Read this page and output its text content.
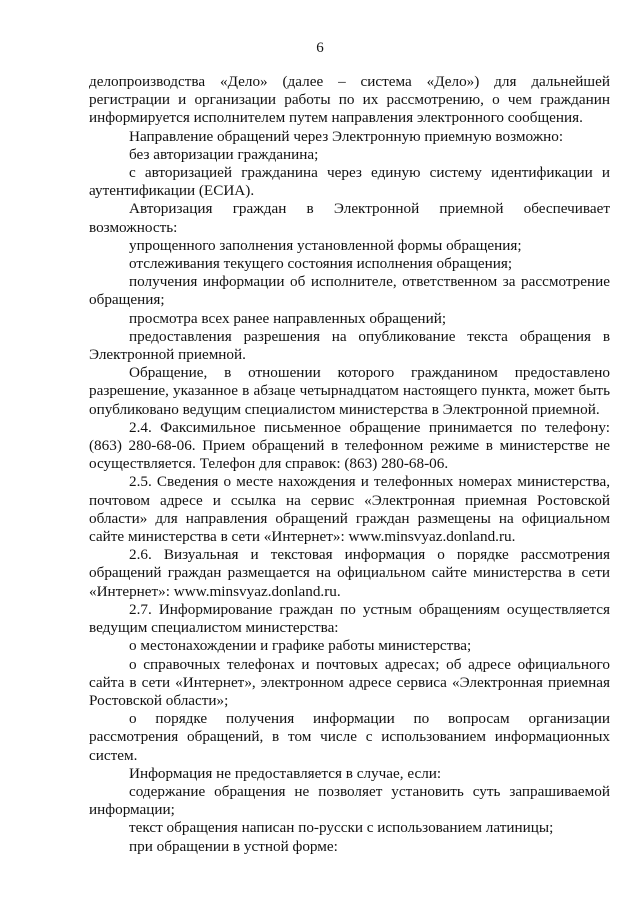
6

делопроизводства «Дело» (далее – система «Дело») для дальнейшей регистрации и организации работы по их рассмотрению, о чем гражданин информируется исполнителем путем направления электронного сообщения.

Направление обращений через Электронную приемную возможно:

без авторизации гражданина;

с авторизацией гражданина через единую систему идентификации и аутентификации (ЕСИА).

Авторизация граждан в Электронной приемной обеспечивает возможность:

упрощенного заполнения установленной формы обращения;

отслеживания текущего состояния исполнения обращения;

получения информации об исполнителе, ответственном за рассмотрение обращения;

просмотра всех ранее направленных обращений;

предоставления разрешения на опубликование текста обращения в Электронной приемной.

Обращение, в отношении которого гражданином предоставлено разрешение, указанное в абзаце четырнадцатом настоящего пункта, может быть опубликовано ведущим специалистом министерства в Электронной приемной.

2.4. Факсимильное письменное обращение принимается по телефону: (863) 280-68-06. Прием обращений в телефонном режиме в министерстве не осуществляется. Телефон для справок: (863) 280-68-06.

2.5. Сведения о месте нахождения и телефонных номерах министерства, почтовом адресе и ссылка на сервис «Электронная приемная Ростовской области» для направления обращений граждан размещены на официальном сайте министерства в сети «Интернет»: www.minsvyaz.donland.ru.

2.6. Визуальная и текстовая информация о порядке рассмотрения обращений граждан размещается на официальном сайте министерства в сети «Интернет»: www.minsvyaz.donland.ru.

2.7. Информирование граждан по устным обращениям осуществляется ведущим специалистом министерства:

о местонахождении и графике работы министерства;

о справочных телефонах и почтовых адресах; об адресе официального сайта в сети «Интернет», электронном адресе сервиса «Электронная приемная Ростовской области»;

о порядке получения информации по вопросам организации рассмотрения обращений, в том числе с использованием информационных систем.

Информация не предоставляется в случае, если:

содержание обращения не позволяет установить суть запрашиваемой информации;

текст обращения написан по-русски с использованием латиницы;

при обращении в устной форме:
